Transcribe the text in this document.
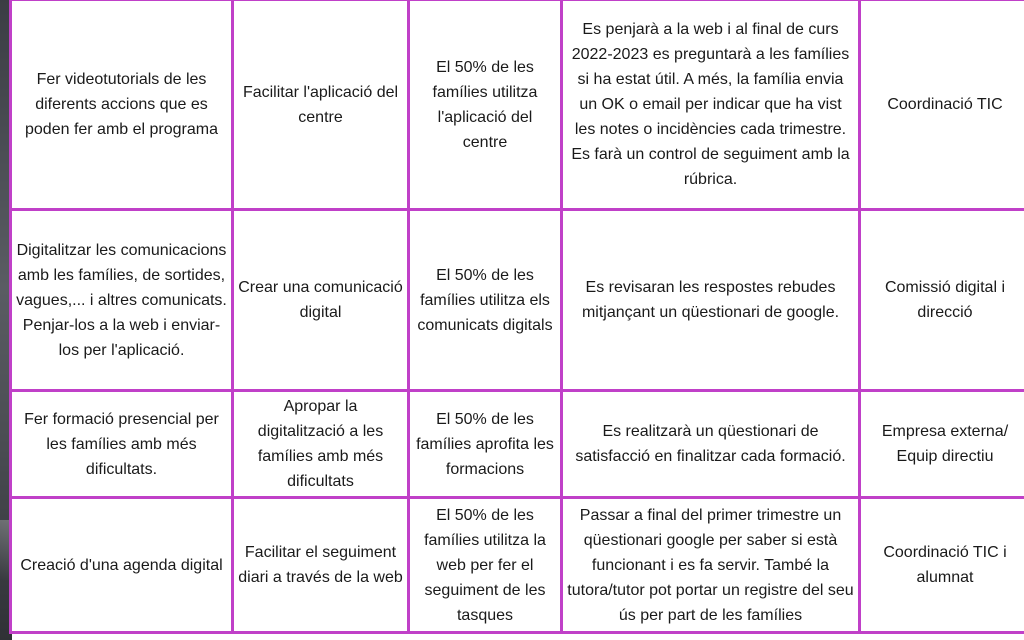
Fer videotutorials de les diferents accions que es poden fer amb el programa	Facilitar l'aplicació del centre	El 50% de les famílies utilitza l'aplicació del centre	Es penjarà a la web i al final de curs 2022-2023 es preguntarà a les famílies si ha estat útil. A més, la família envia un OK o email per indicar que ha vist les notes o incidències cada trimestre. Es farà un control de seguiment amb la rúbrica.	Coordinació TIC
Digitalitzar les comunicacions amb les famílies, de sortides, vagues,... i altres comunicats. Penjar-los a la web i enviar-los per l'aplicació.	Crear una comunicació digital	El 50% de les famílies utilitza els comunicats digitals	Es revisaran les respostes rebudes mitjançant un qüestionari de google.	Comissió digital i direcció
Fer formació presencial per les famílies amb més dificultats.	Apropar la digitalització a les famílies amb més dificultats	El 50% de les famílies aprofita les formacions	Es realitzarà un qüestionari de satisfacció en finalitzar cada formació.	Empresa externa/ Equip directiu
Creació d'una agenda digital	Facilitar el seguiment diari a través de la web	El 50% de les famílies utilitza la web per fer el seguiment de les tasques	Passar a final del primer trimestre un qüestionari google per saber si està funcionant i es fa servir. També la tutora/tutor pot portar un registre del seu ús per part de les famílies	Coordinació TIC i alumnat
